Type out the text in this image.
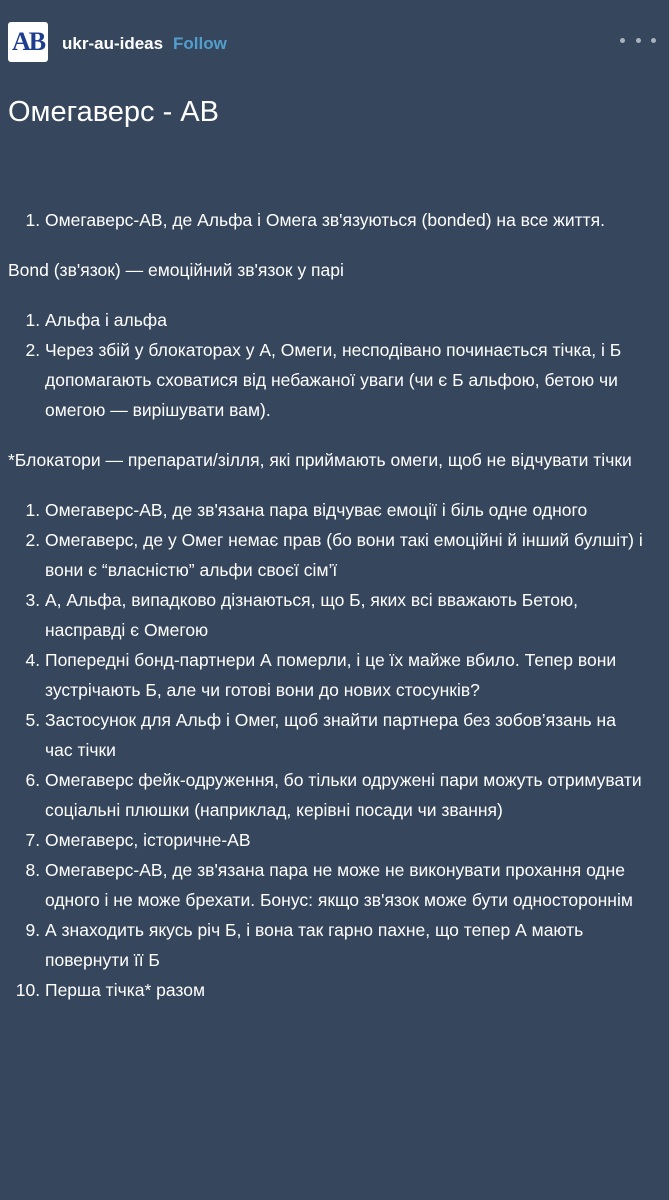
AB ukr-au-ideas Follow
Омегаверс - АВ
1. Омегаверс-АВ, де Альфа і Омега зв'язуються (bonded) на все життя.

Bond (зв'язок) — емоційний зв'язок у парі

1. Альфа і альфа
2. Через збій у блокаторах у А, Омеги, несподівано починається тічка, і Б допомагають сховатися від небажаної уваги (чи є Б альфою, бетою чи омегою — вирішувати вам).

*Блокатори — препарати/зілля, які приймають омеги, щоб не відчувати тічки

1. Омегаверс-АВ, де зв'язана пара відчуває емоції і біль одне одного
2. Омегаверс, де у Омег немає прав (бо вони такі емоційні й інший булшіт) і вони є “власністю” альфи своєї сім’ї
3. А, Альфа, випадково дізнаються, що Б, яких всі вважають Бетою, насправді є Омегою
4. Попередні бонд-партнери А померли, і це їх майже вбило. Тепер вони зустрічають Б, але чи готові вони до нових стосунків?
5. Застосунок для Альф і Омег, щоб знайти партнера без зобов’язань на час тічки
6. Омегаверс фейк-одруження, бо тільки одружені пари можуть отримувати соціальні плюшки (наприклад, керівні посади чи звання)
7. Омегаверс, історичне-АВ
8. Омегаверс-АВ, де зв'язана пара не може не виконувати прохання одне одного і не може брехати. Бонус: якщо зв'язок може бути одностороннім
9. А знаходить якусь річ Б, і вона так гарно пахне, що тепер А мають повернути її Б
10. Перша тічка* разом
